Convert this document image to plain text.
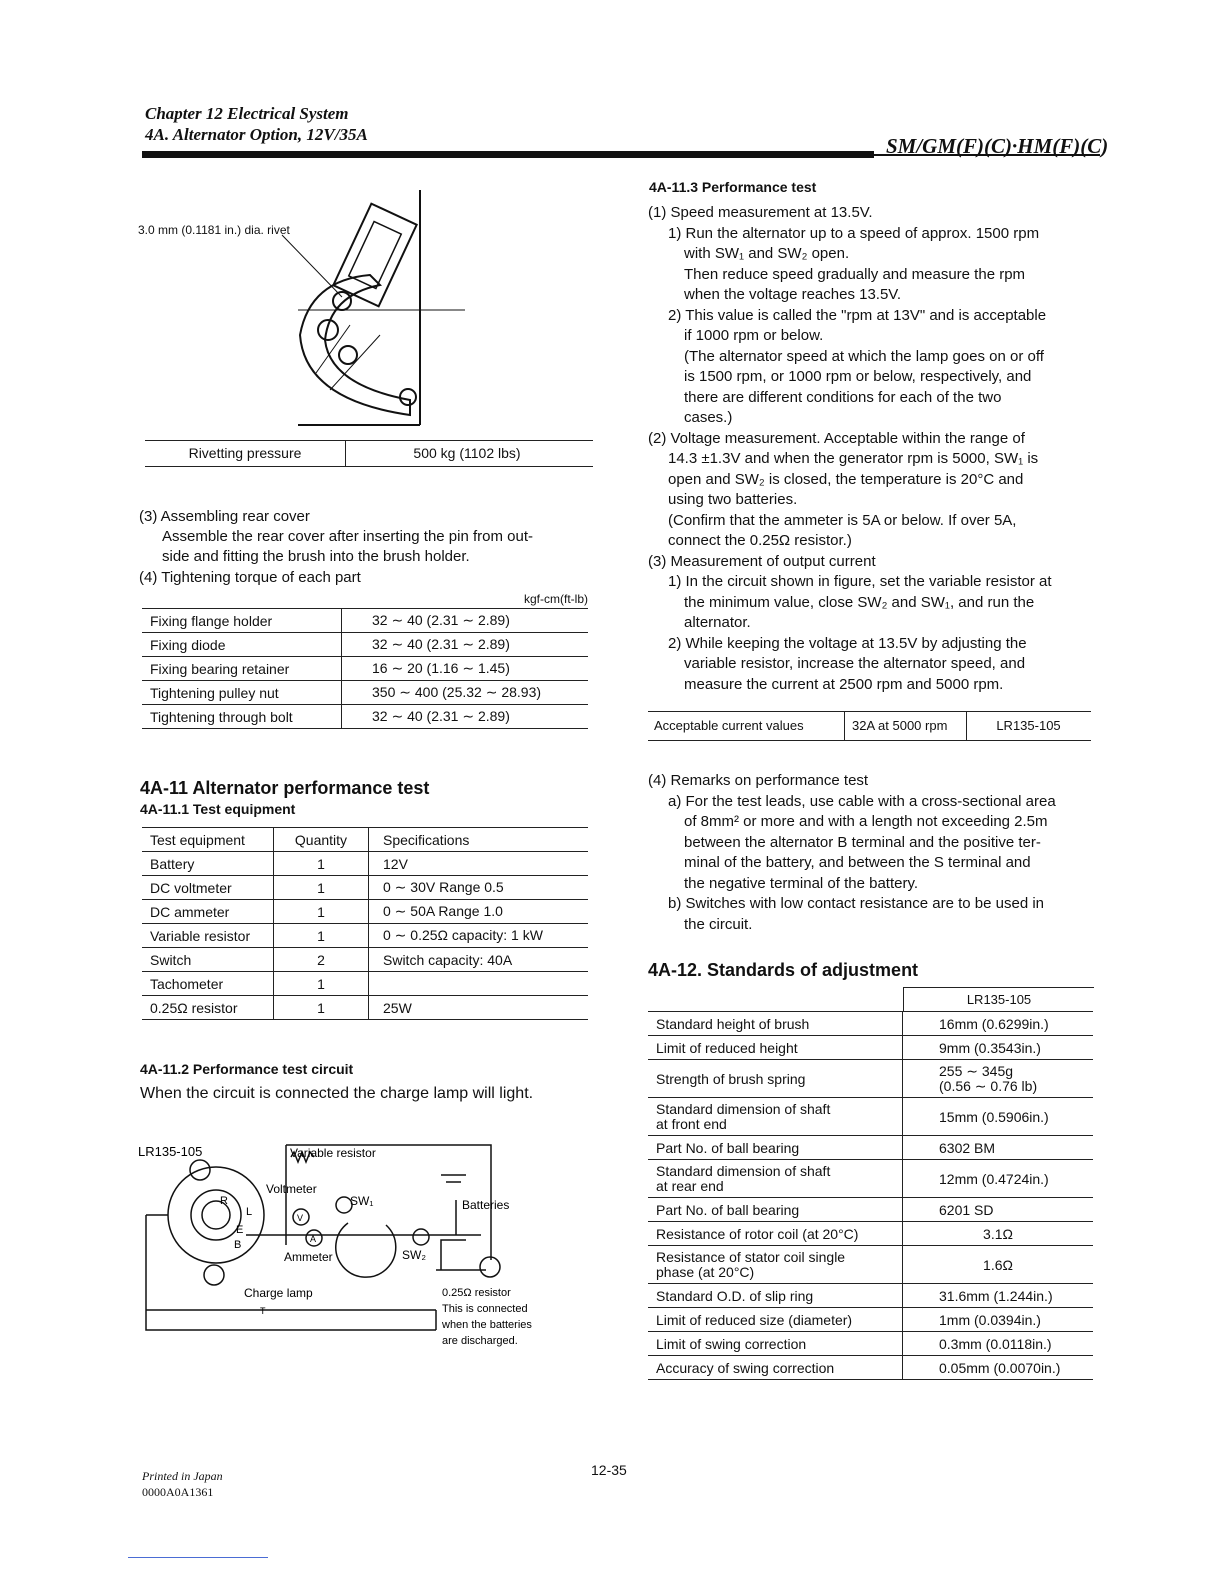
Chapter 12 Electrical System
4A. Alternator Option, 12V/35A	SM/GM(F)(C)·HM(F)(C)
3.0 mm (0.1181 in.) dia. rivet
Rivetting pressure	500 kg (1102 lbs)
(3) Assembling rear cover
Assemble the rear cover after inserting the pin from out-
side and fitting the brush into the brush holder.
(4) Tightening torque of each part
kgf-cm(ft-lb)
Fixing flange holder	32 ∼ 40 (2.31 ∼ 2.89)
Fixing diode	32 ∼ 40 (2.31 ∼ 2.89)
Fixing bearing retainer	16 ∼ 20 (1.16 ∼ 1.45)
Tightening pulley nut	350 ∼ 400 (25.32 ∼ 28.93)
Tightening through bolt	32 ∼ 40 (2.31 ∼ 2.89)
4A-11 Alternator performance test
4A-11.1 Test equipment
Test equipment	Quantity	Specifications
Battery	1	12V
DC voltmeter	1	0 ∼ 30V Range 0.5
DC ammeter	1	0 ∼ 50A Range 1.0
Variable resistor	1	0 ∼ 0.25Ω capacity: 1 kW
Switch	2	Switch capacity: 40A
Tachometer	1	
0.25Ω resistor	1	25W
4A-11.2 Performance test circuit
When the circuit is connected the charge lamp will light.
LR135-105	Variable resistor
Voltmeter
SW₁	Batteries
Ammeter	SW₂
Charge lamp
R
L
E
B
V
A
T
0.25Ω resistor
This is connected
when the batteries
are discharged.
4A-11.3 Performance test
(1) Speed measurement at 13.5V.
1) Run the alternator up to a speed of approx. 1500 rpm
with SW₁ and SW₂ open.
Then reduce speed gradually and measure the rpm
when the voltage reaches 13.5V.
2) This value is called the "rpm at 13V" and is acceptable
if 1000 rpm or below.
(The alternator speed at which the lamp goes on or off
is 1500 rpm, or 1000 rpm or below, respectively, and
there are different conditions for each of the two
cases.)
(2) Voltage measurement. Acceptable within the range of
14.3 ±1.3V and when the generator rpm is 5000, SW₁ is
open and SW₂ is closed, the temperature is 20°C and
using two batteries.
(Confirm that the ammeter is 5A or below. If over 5A,
connect the 0.25Ω resistor.)
(3) Measurement of output current
1) In the circuit shown in figure, set the variable resistor at
the minimum value, close SW₂ and SW₁, and run the
alternator.
2) While keeping the voltage at 13.5V by adjusting the
variable resistor, increase the alternator speed, and
measure the current at 2500 rpm and 5000 rpm.
Acceptable current values	32A at 5000 rpm	LR135-105
(4) Remarks on performance test
a) For the test leads, use cable with a cross-sectional area
of 8mm² or more and with a length not exceeding 2.5m
between the alternator B terminal and the positive ter-
minal of the battery, and between the S terminal and
the negative terminal of the battery.
b) Switches with low contact resistance are to be used in
the circuit.
4A-12. Standards of adjustment
LR135-105
Standard height of brush	16mm (0.6299in.)
Limit of reduced height	9mm (0.3543in.)
Strength of brush spring	255 ∼ 345g
(0.56 ∼ 0.76 lb)

Standard dimension of shaft
at front end	15mm (0.5906in.)
Part No. of ball bearing	6302 BM

Standard dimension of shaft
at rear end	12mm (0.4724in.)
Part No. of ball bearing	6201 SD
Resistance of rotor coil (at 20°C)	3.1Ω

Resistance of stator coil single
phase (at 20°C)	1.6Ω
Standard O.D. of slip ring	31.6mm (1.244in.)
Limit of reduced size (diameter)	1mm (0.0394in.)
Limit of swing correction	0.3mm (0.0118in.)
Accuracy of swing correction	0.05mm (0.0070in.)
12-35
Printed in Japan
0000A0A1361
